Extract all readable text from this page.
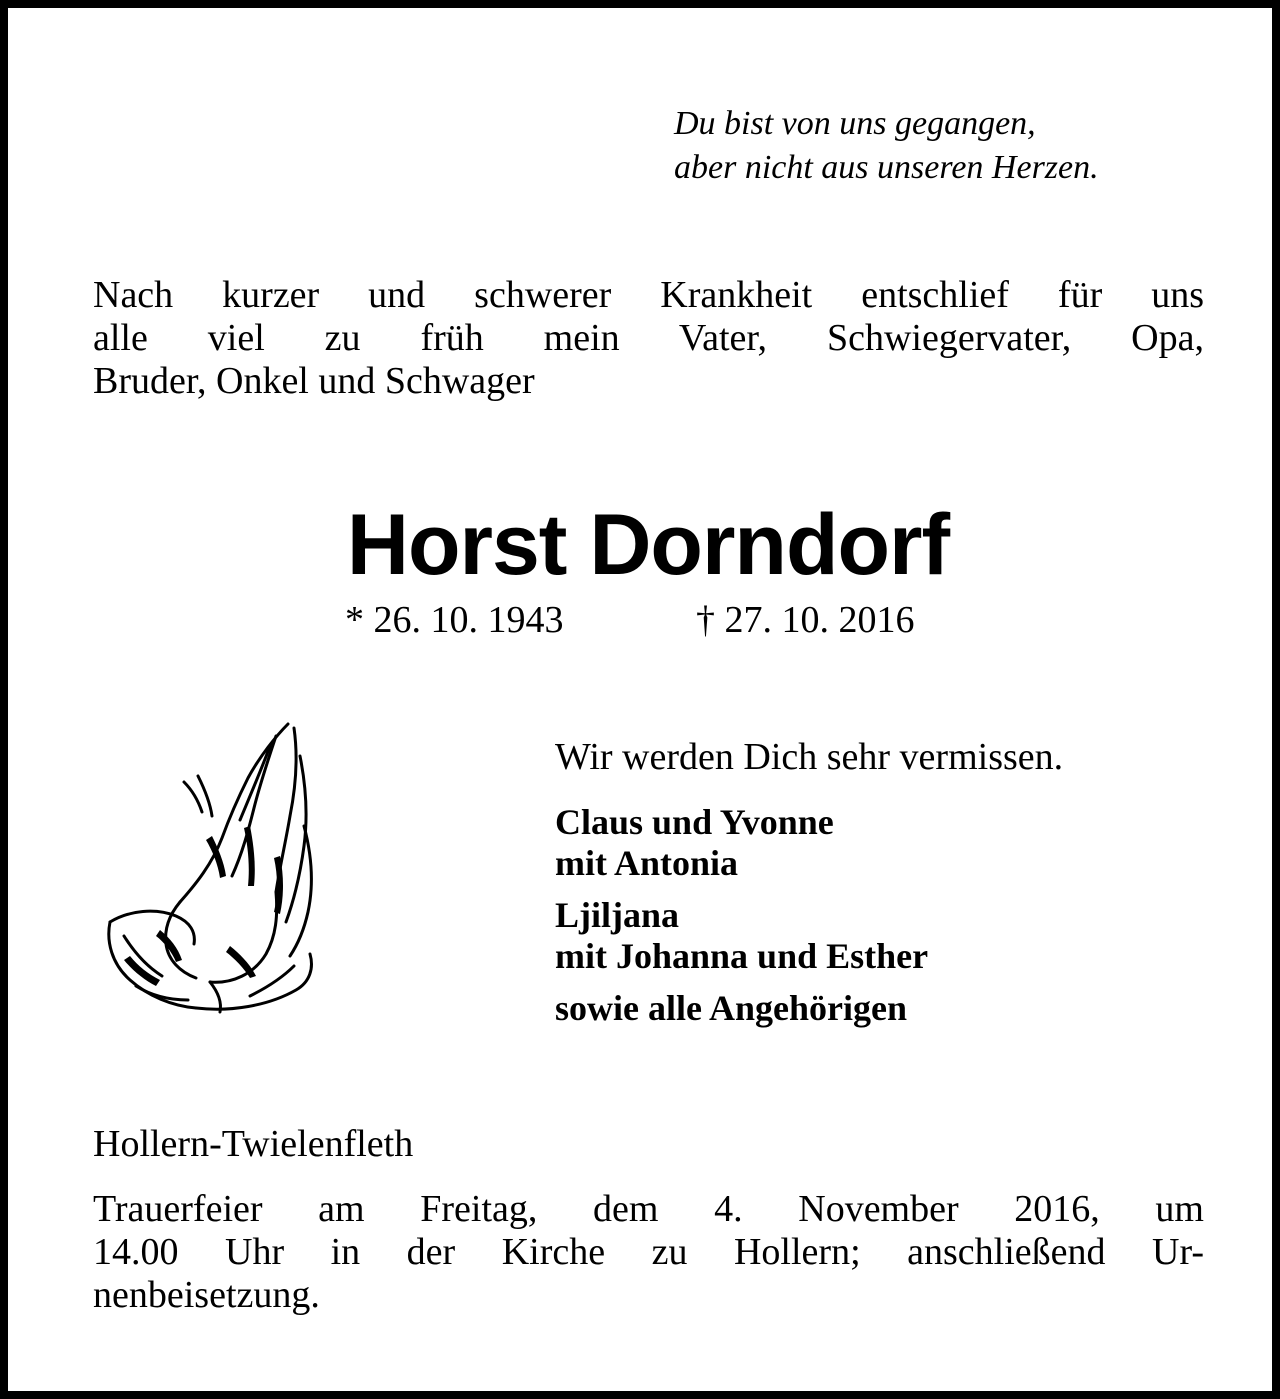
Du bist von uns gegangen,
aber nicht aus unseren Herzen.
Nach kurzer und schwerer Krankheit entschlief für uns
alle viel zu früh mein Vater, Schwiegervater, Opa,
Bruder, Onkel und Schwager
Horst Dorndorf
* 26. 10. 1943	† 27. 10. 2016
Wir werden Dich sehr vermissen.
Claus und Yvonne
mit Antonia
Ljiljana
mit Johanna und Esther
sowie alle Angehörigen
Hollern-Twielenfleth
Trauerfeier am Freitag, dem 4. November 2016, um
14.00 Uhr in der Kirche zu Hollern; anschließend Ur-
nenbeisetzung.
